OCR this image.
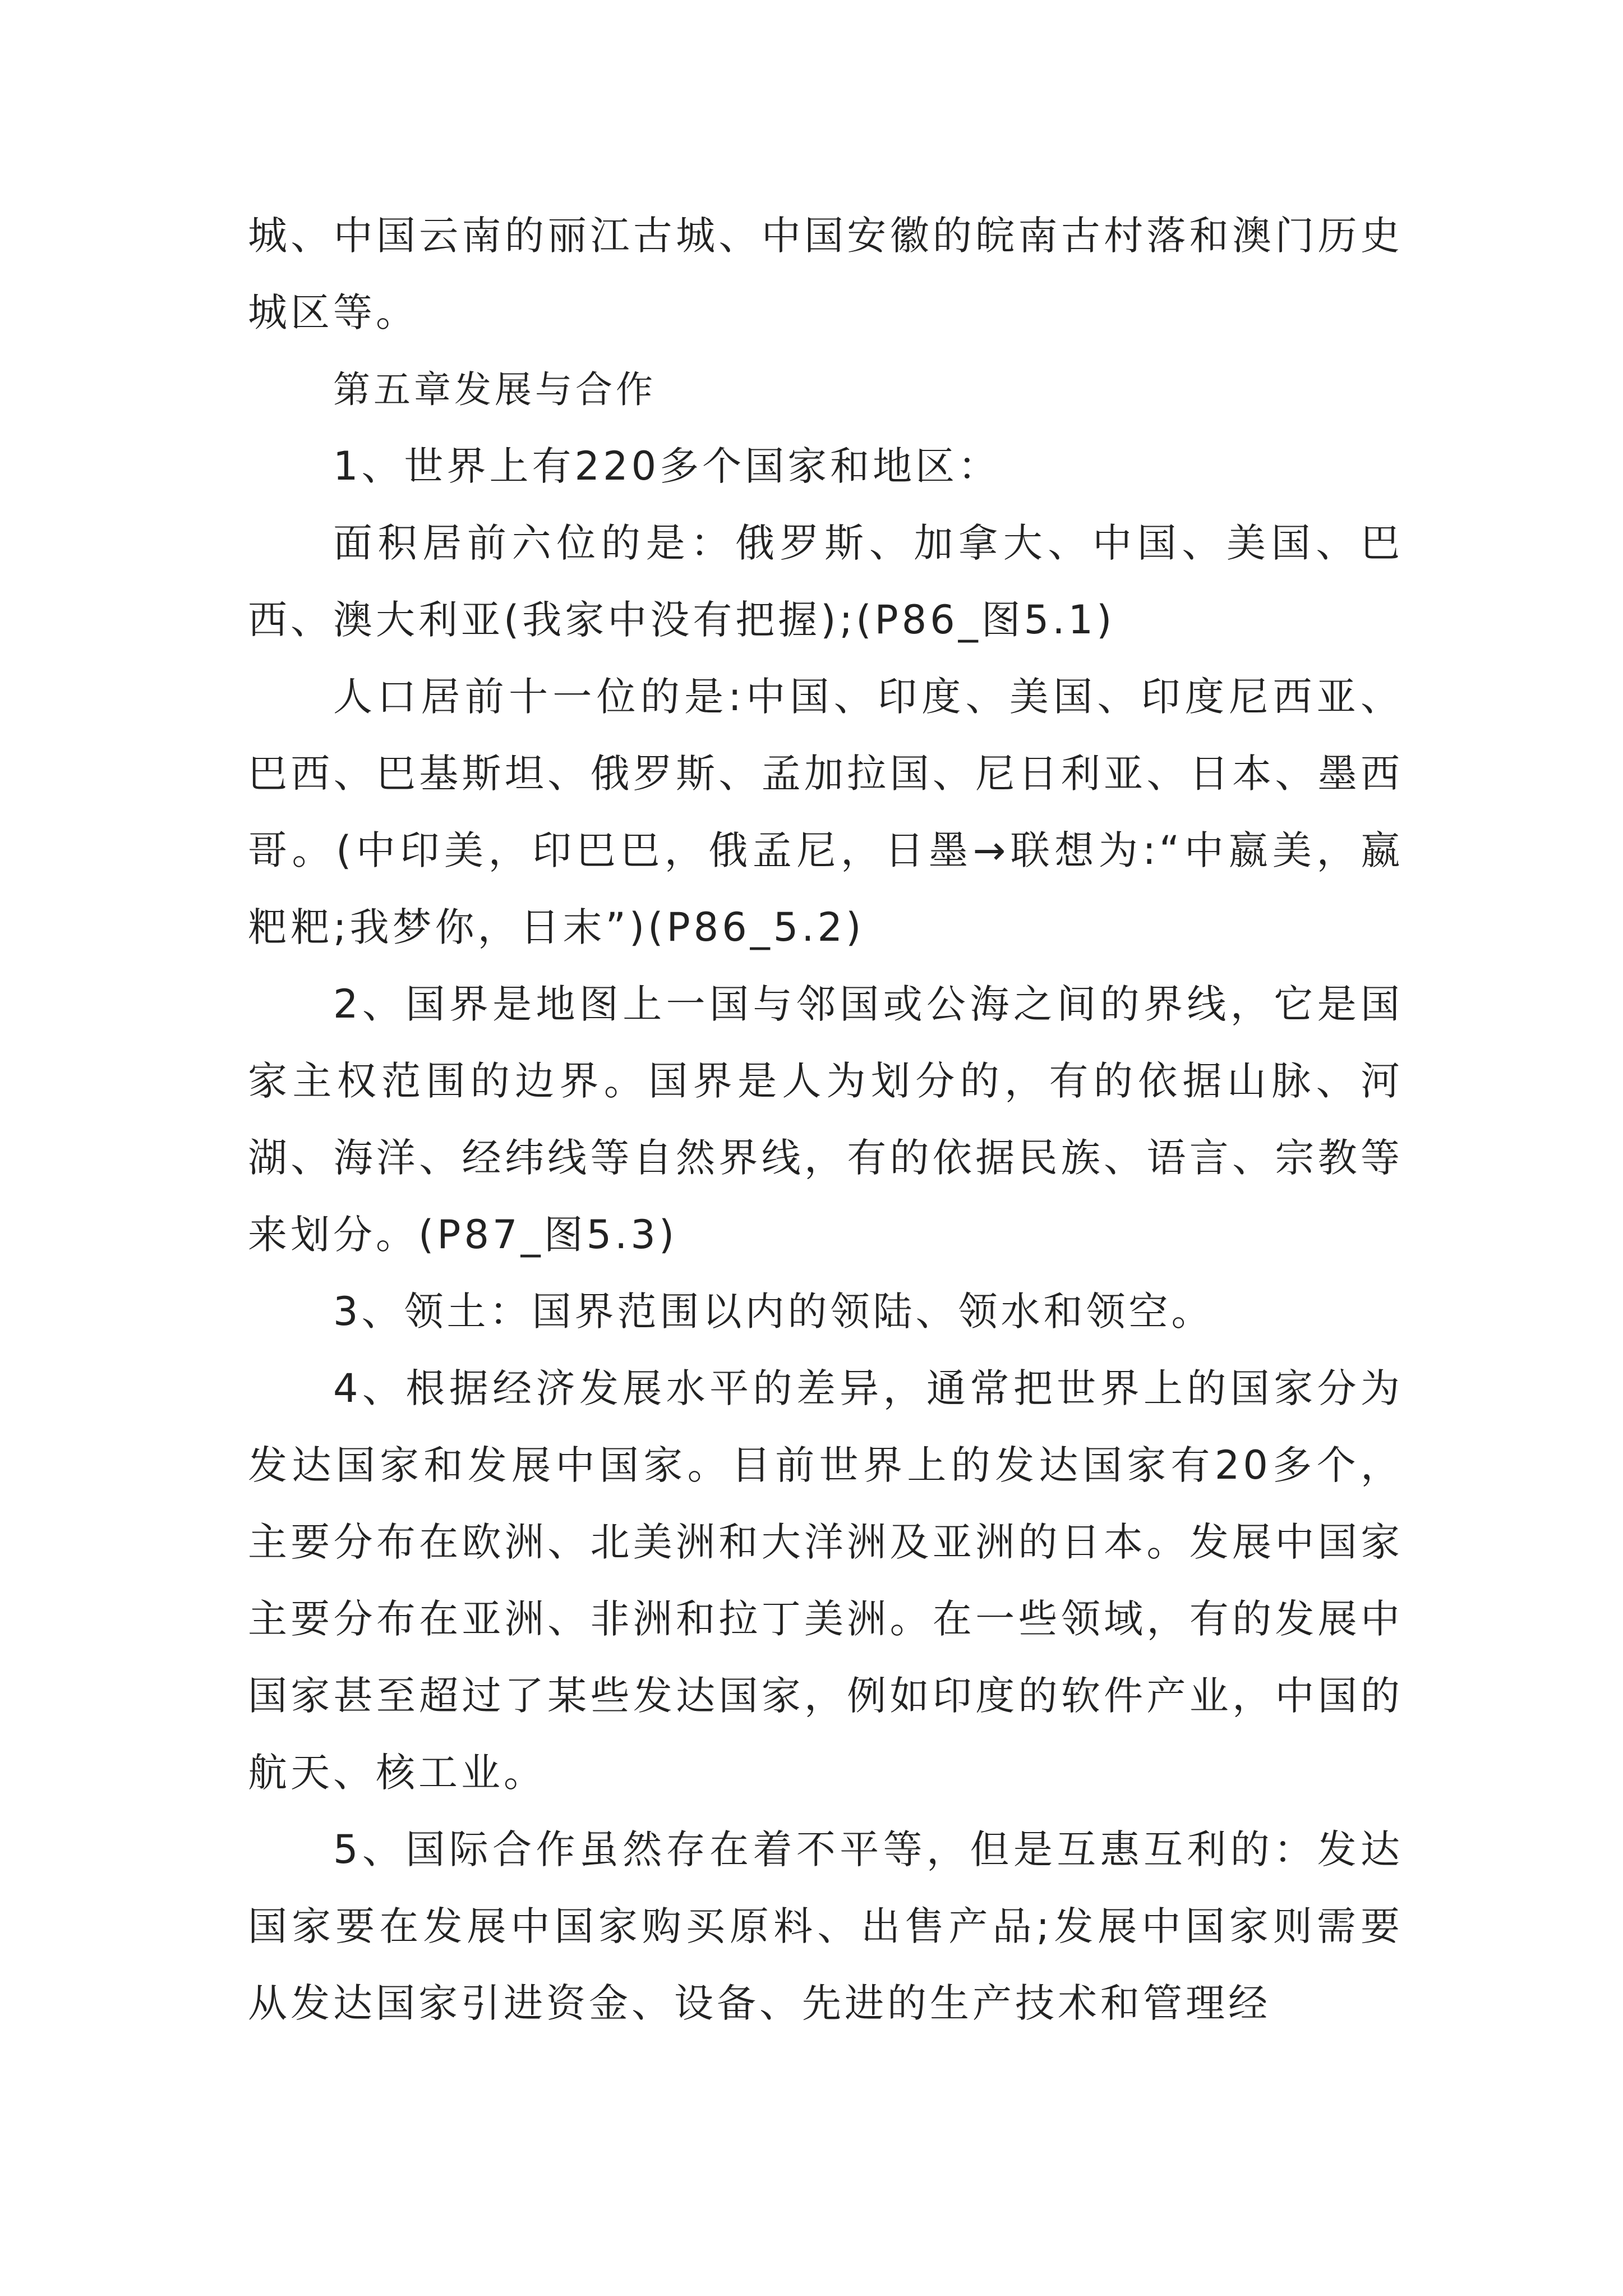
城、中国云南的丽江古城、中国安徽的皖南古村落和澳门历史城区等。

第五章发展与合作

1、世界上有220多个国家和地区：

面积居前六位的是：俄罗斯、加拿大、中国、美国、巴西、澳大利亚(我家中没有把握);(P86_图5.1)

人口居前十一位的是:中国、印度、美国、印度尼西亚、巴西、巴基斯坦、俄罗斯、孟加拉国、尼日利亚、日本、墨西哥。(中印美，印巴巴，俄孟尼，日墨→联想为:“中嬴美，嬴粑粑;我梦你，日末”)(P86_5.2)

2、国界是地图上一国与邻国或公海之间的界线，它是国家主权范围的边界。国界是人为划分的，有的依据山脉、河湖、海洋、经纬线等自然界线，有的依据民族、语言、宗教等来划分。(P87_图5.3)

3、领土：国界范围以内的领陆、领水和领空。

4、根据经济发展水平的差异，通常把世界上的国家分为发达国家和发展中国家。目前世界上的发达国家有20多个，主要分布在欧洲、北美洲和大洋洲及亚洲的日本。发展中国家主要分布在亚洲、非洲和拉丁美洲。在一些领域，有的发展中国家甚至超过了某些发达国家，例如印度的软件产业，中国的航天、核工业。

5、国际合作虽然存在着不平等，但是互惠互利的：发达国家要在发展中国家购买原料、出售产品;发展中国家则需要从发达国家引进资金、设备、先进的生产技术和管理经
